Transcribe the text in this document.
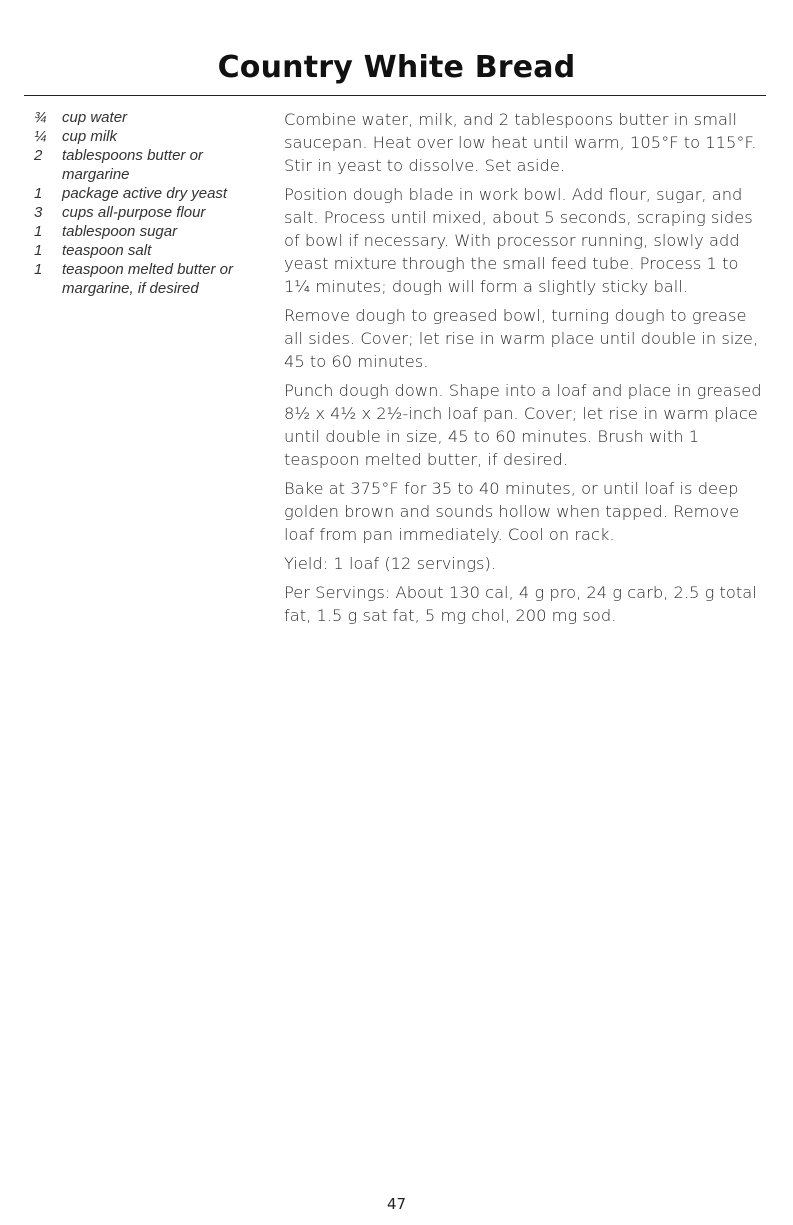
Country White Bread
¾ cup water
¼ cup milk
2 tablespoons butter or margarine
1 package active dry yeast
3 cups all-purpose flour
1 tablespoon sugar
1 teaspoon salt
1 teaspoon melted butter or margarine, if desired

Combine water, milk, and 2 tablespoons butter in small saucepan. Heat over low heat until warm, 105°F to 115°F. Stir in yeast to dissolve. Set aside.

Position dough blade in work bowl. Add flour, sugar, and salt. Process until mixed, about 5 seconds, scraping sides of bowl if necessary. With processor running, slowly add yeast mixture through the small feed tube. Process 1 to 1¼ minutes; dough will form a slightly sticky ball.

Remove dough to greased bowl, turning dough to grease all sides. Cover; let rise in warm place until double in size, 45 to 60 minutes.

Punch dough down. Shape into a loaf and place in greased 8½ x 4½ x 2½-inch loaf pan. Cover; let rise in warm place until double in size, 45 to 60 minutes. Brush with 1 teaspoon melted butter, if desired.

Bake at 375°F for 35 to 40 minutes, or until loaf is deep golden brown and sounds hollow when tapped. Remove loaf from pan immediately. Cool on rack.

Yield: 1 loaf (12 servings).

Per Servings: About 130 cal, 4 g pro, 24 g carb, 2.5 g total fat, 1.5 g sat fat, 5 mg chol, 200 mg sod.

47
